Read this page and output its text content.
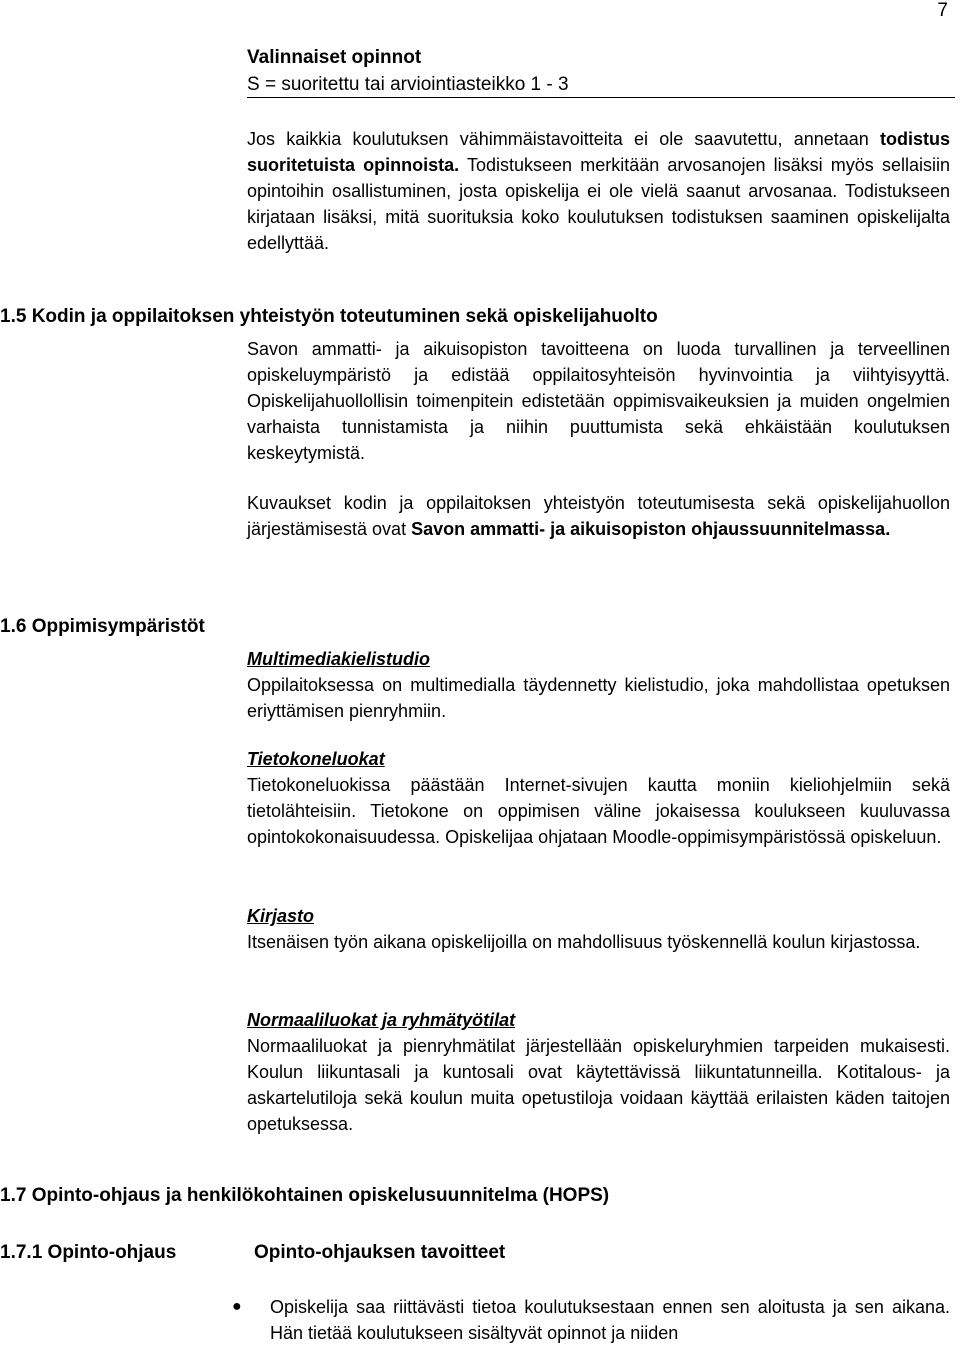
7
Valinnaiset opinnot
S = suoritettu tai arviointiasteikko 1 - 3
Jos kaikkia koulutuksen vähimmäistavoitteita ei ole saavutettu, annetaan todistus suoritetuista opinnoista. Todistukseen merkitään arvosanojen lisäksi myös sellaisiin opintoihin osallistuminen, josta opiskelija ei ole vielä saanut arvosanaa. Todistukseen kirjataan lisäksi, mitä suorituksia koko koulutuksen todistuksen saaminen opiskelijalta edellyttää.
1.5 Kodin ja oppilaitoksen yhteistyön toteutuminen sekä opiskelijahuolto
Savon ammatti- ja aikuisopiston tavoitteena on luoda turvallinen ja terveellinen opiskeluympäristö ja edistää oppilaitosyhteisön hyvinvointia ja viihtyisyyttä. Opiskelijahuollollisin toimenpitein edistetään oppimisvaikeuksien ja muiden ongelmien varhaista tunnistamista ja niihin puuttumista sekä ehkäistään koulutuksen keskeytymistä.
Kuvaukset kodin ja oppilaitoksen yhteistyön toteutumisesta sekä opiskelijahuollon järjestämisestä ovat Savon ammatti- ja aikuisopiston ohjaussuunnitelmassa.
1.6 Oppimisympäristöt
Multimediakielistudio
Oppilaitoksessa on multimedialla täydennetty kielistudio, joka mahdollistaa opetuksen eriyttämisen pienryhmiin.
Tietokoneluokat
Tietokoneluokissa päästään Internet-sivujen kautta moniin kieliohjelmiin sekä tietolähteisiin. Tietokone on oppimisen väline jokaisessa koulukseen kuuluvassa opintokokonaisuudessa. Opiskelijaa ohjataan Moodle-oppimisympäristössä opiskeluun.
Kirjasto
Itsenäisen työn aikana opiskelijoilla on mahdollisuus työskennellä koulun kirjastossa.
Normaaliluokat ja ryhmätyötilat
Normaaliluokat ja pienryhmätilat järjestellään opiskeluryhmien tarpeiden mukaisesti. Koulun liikuntasali ja kuntosali ovat käytettävissä liikuntatunneilla. Kotitalous- ja askartelutiloja sekä koulun muita opetustiloja voidaan käyttää erilaisten käden taitojen opetuksessa.
1.7 Opinto-ohjaus ja henkilökohtainen opiskelusuunnitelma (HOPS)
1.7.1 Opinto-ohjaus	Opinto-ohjauksen tavoitteet
●	Opiskelija saa riittävästi tietoa koulutuksestaan ennen sen aloitusta ja sen aikana. Hän tietää koulutukseen sisältyvät opinnot ja niiden
